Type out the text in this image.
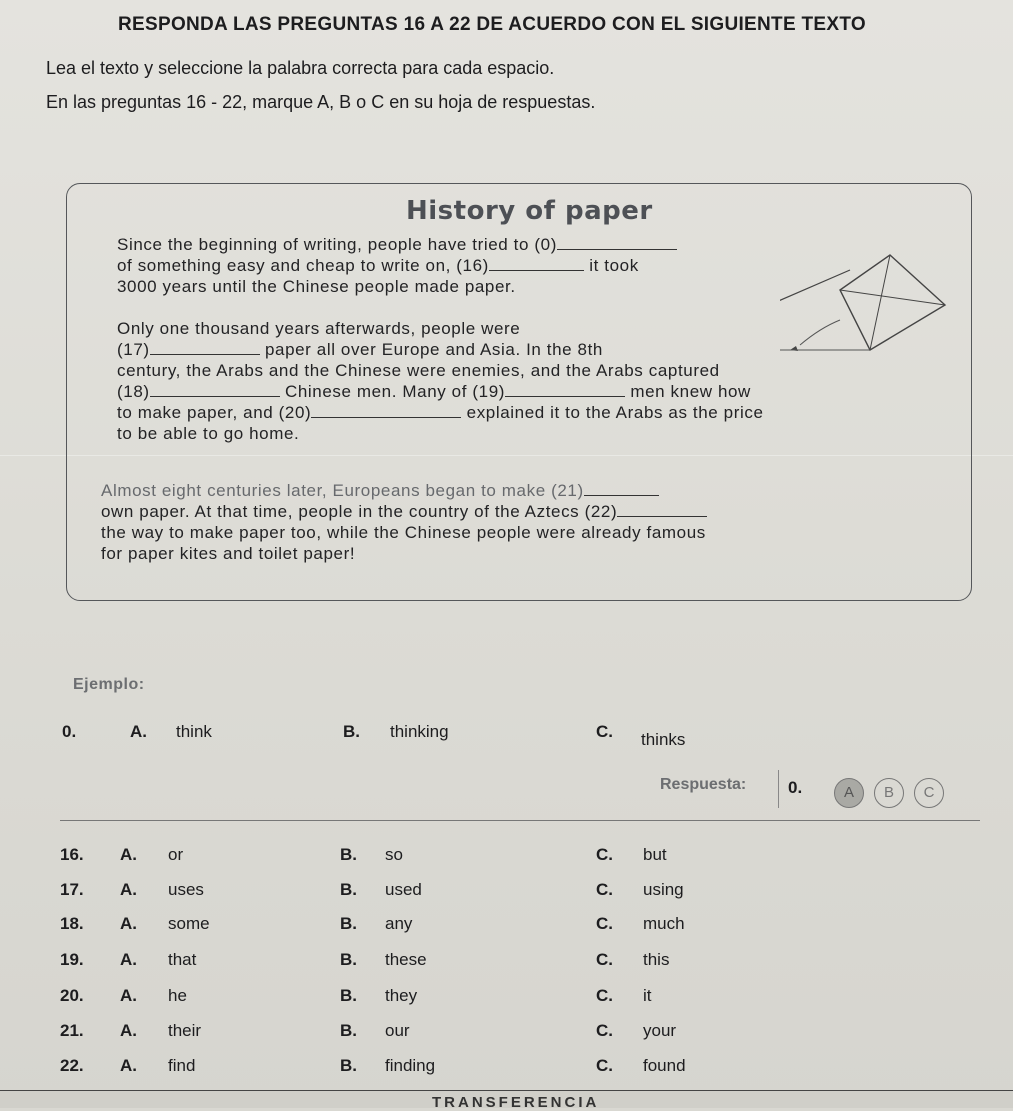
RESPONDA LAS PREGUNTAS 16 A 22 DE ACUERDO CON EL SIGUIENTE TEXTO
Lea el texto y seleccione la palabra correcta para cada espacio.
En las preguntas 16 - 22, marque A, B o C en su hoja de respuestas.
History of paper
Since the beginning of writing, people have tried to (0)
of something easy and cheap to write on, (16)	it took
3000 years until the Chinese people made paper.
Only one thousand years afterwards, people were
(17)	paper all over Europe and Asia. In the 8th
century, the Arabs and the Chinese were enemies, and the Arabs captured
(18)	Chinese men. Many of (19)	men knew how
to make paper, and (20)	explained it to the Arabs as the price
to be able to go home.
Almost eight centuries later, Europeans began to make (21)
own paper. At that time, people in the country of the Aztecs (22)
the way to make paper too, while the Chinese people were already famous
for paper kites and toilet paper!
Ejemplo:
0.	A. think	B. thinking	C. thinks
Respuesta: 0.	A	B	C
16. A. or	B. so	C. but
17. A. uses	B. used	C. using
18. A. some	B. any	C. much
19. A. that	B. these	C. this
20. A. he	B. they	C. it
21. A. their	B. our	C. your
22. A. find	B. finding	C. found
TRANSFERENCIA
